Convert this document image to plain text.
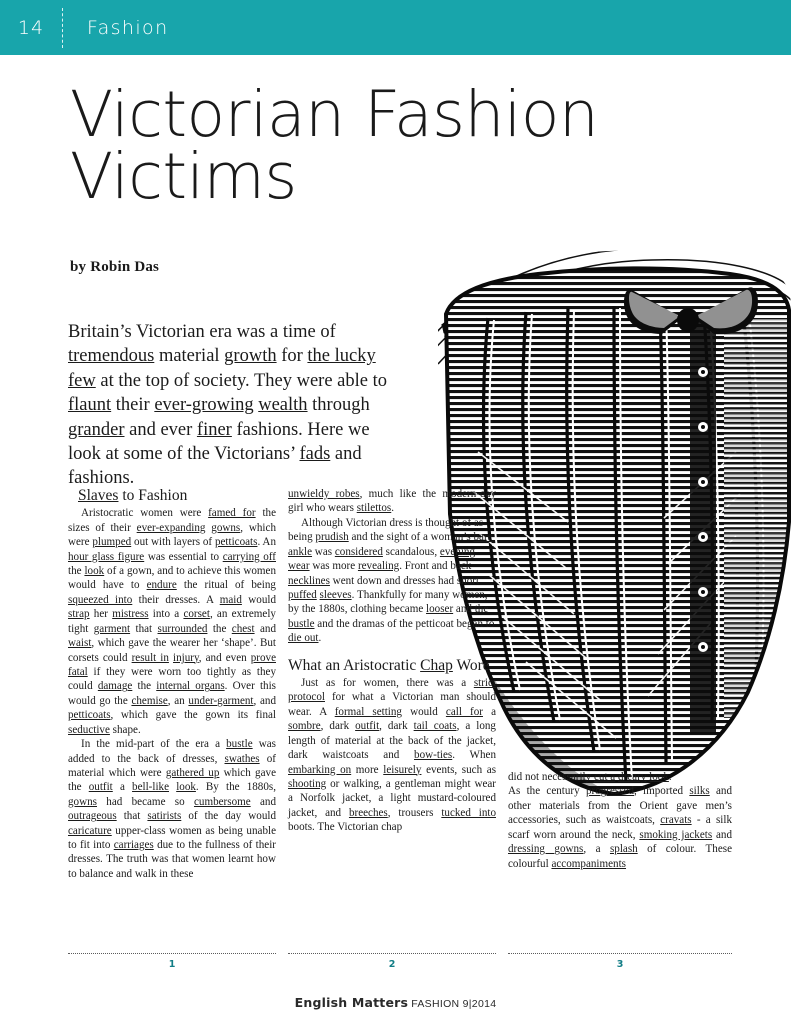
14	Fashion
Victorian Fashion
Victims
by Robin Das
Britain’s Victorian era was a time of tremendous material growth for the lucky few at the top of society. They were able to flaunt their ever-growing wealth through grander and ever finer fashions. Here we look at some of the Victorians’ fads and fashions.
Slaves to Fashion

Aristocratic women were famed for the sizes of their ever-expanding gowns, which were plumped out with layers of petticoats. An hour glass figure was essential to carrying off the look of a gown, and to achieve this women would have to endure the ritual of being squeezed into their dresses. A maid would strap her mistress into a corset, an extremely tight garment that surrounded the chest and waist, which gave the wearer her ‘shape’. But corsets could result in injury, and even prove fatal if they were worn too tightly as they could damage the internal organs. Over this would go the chemise, an under-garment, and petticoats, which gave the gown its final seductive shape.

In the mid-part of the era a bustle was added to the back of dresses, swathes of material which were gathered up which gave the outfit a bell-like look. By the 1880s, gowns had became so cumbersome and outrageous that satirists of the day would caricature upper-class women as being unable to fit into carriages due to the fullness of their dresses. The truth was that women learnt how to balance and walk in these

unwieldy robes, much like the modern-day girl who wears stilettos.

Although Victorian dress is thought of as being prudish and the sight of a woman’s bare ankle was considered scandalous, evening wear was more revealing. Front and back necklines went down and dresses had short puffed sleeves. Thankfully for many women, by the 1880s, clothing became looser and the bustle and the dramas of the petticoat began to die out.

What an Aristocratic Chap Wore

Just as for women, there was a strict protocol for what a Victorian man should wear. A formal setting would call for a sombre, dark outfit, dark tail coats, a long length of material at the back of the jacket, dark waistcoats and bow-ties. When embarking on more leisurely events, such as shooting or walking, a gentleman might wear a Norfolk jacket, a light mustard-coloured jacket, and breeches, trousers tucked into boots. The Victorian chap

did not necessarily cut a dreary look.

As the century progressed, imported silks and other materials from the Orient gave men’s accessories, such as waistcoats, cravats - a silk scarf worn around the neck, smoking jackets and dressing gowns, a splash of colour. These colourful accompaniments

1	2	3
English Matters FASHION 9|2014
